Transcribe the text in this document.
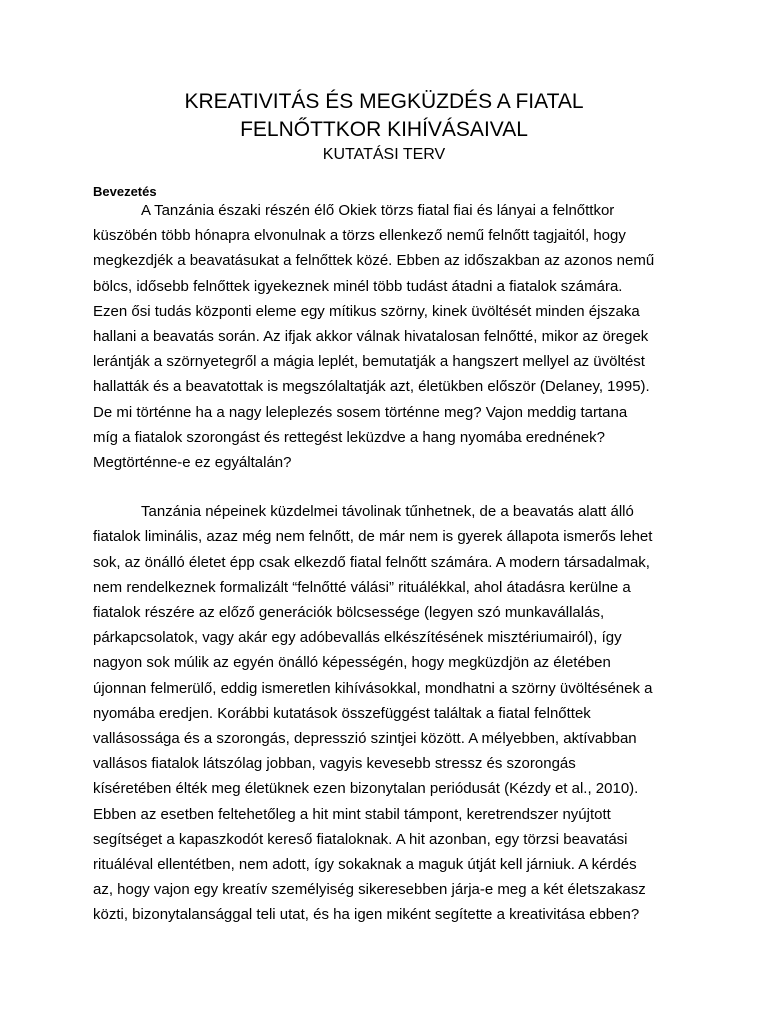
KREATIVITÁS ÉS MEGKÜZDÉS A FIATAL
FELNŐTTKOR KIHÍVÁSAIVAL
KUTATÁSI TERV
Bevezetés

A Tanzánia északi részén élő Okiek törzs fiatal fiai és lányai a felnőttkor
küszöbén több hónapra elvonulnak a törzs ellenkező nemű felnőtt tagjaitól, hogy
megkezdjék a beavatásukat a felnőttek közé. Ebben az időszakban az azonos nemű
bölcs, idősebb felnőttek igyekeznek minél több tudást átadni a fiatalok számára.
Ezen ősi tudás központi eleme egy mítikus szörny, kinek üvöltését minden éjszaka
hallani a beavatás során. Az ifjak akkor válnak hivatalosan felnőtté, mikor az öregek
lerántják a szörnyetegről a mágia leplét, bemutatják a hangszert mellyel az üvöltést
hallatták és a beavatottak is megszólaltatják azt, életükben először (Delaney, 1995).
De mi történne ha a nagy leleplezés sosem történne meg? Vajon meddig tartana
míg a fiatalok szorongást és rettegést leküzdve a hang nyomába erednének?
Megtörténne-e ez egyáltalán?

Tanzánia népeinek küzdelmei távolinak tűnhetnek, de a beavatás alatt álló
fiatalok liminális, azaz még nem felnőtt, de már nem is gyerek állapota ismerős lehet
sok, az önálló életet épp csak elkezdő fiatal felnőtt számára. A modern társadalmak,
nem rendelkeznek formalizált “felnőtté válási” rituálékkal, ahol átadásra kerülne a
fiatalok részére az előző generációk bölcsessége (legyen szó munkavállalás,
párkapcsolatok, vagy akár egy adóbevallás elkészítésének misztériumairól), így
nagyon sok múlik az egyén önálló képességén, hogy megküzdjön az életében
újonnan felmerülő, eddig ismeretlen kihívásokkal, mondhatni a szörny üvöltésének a
nyomába eredjen. Korábbi kutatások összefüggést találtak a fiatal felnőttek
vallásossága és a szorongás, depresszió szintjei között. A mélyebben, aktívabban
vallásos fiatalok látszólag jobban, vagyis kevesebb stressz és szorongás
kíséretében élték meg életüknek ezen bizonytalan periódusát (Kézdy et al., 2010).
Ebben az esetben feltehetőleg a hit mint stabil támpont, keretrendszer nyújtott
segítséget a kapaszkodót kereső fiataloknak. A hit azonban, egy törzsi beavatási
rituáléval ellentétben, nem adott, így sokaknak a maguk útját kell járniuk. A kérdés
az, hogy vajon egy kreatív személyiség sikeresebben járja-e meg a két életszakasz
közti, bizonytalansággal teli utat, és ha igen miként segítette a kreativitása ebben?
